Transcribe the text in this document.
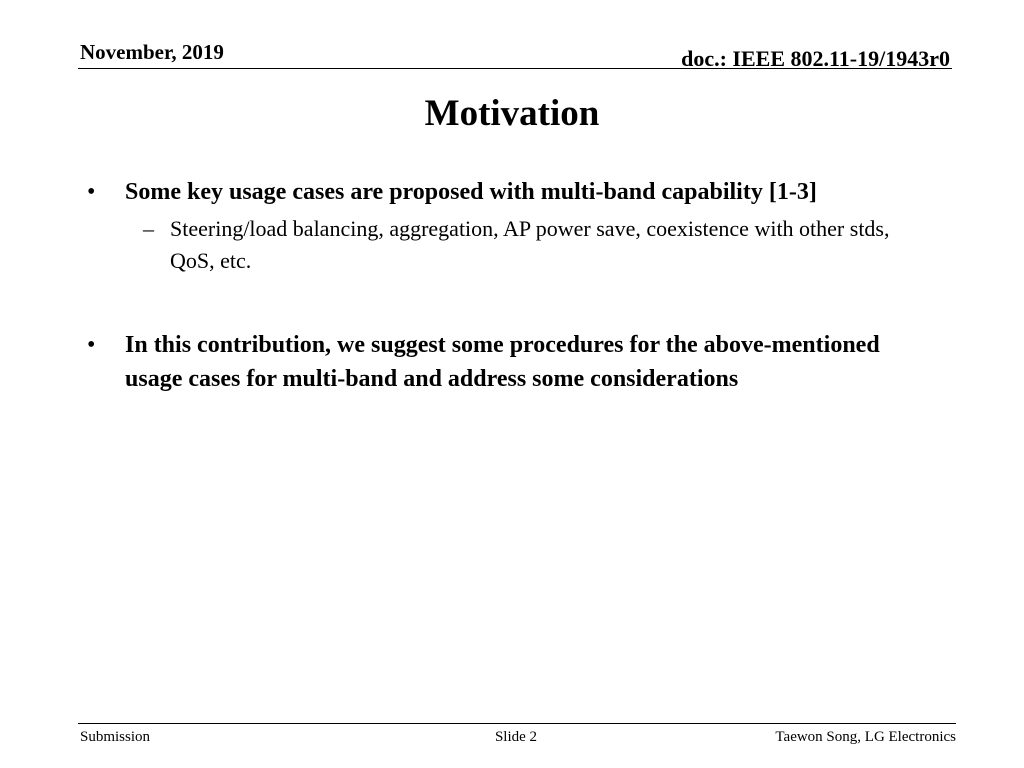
November, 2019	doc.: IEEE 802.11-19/1943r0
Motivation
• Some key usage cases are proposed with multi-band capability [1-3]
– Steering/load balancing, aggregation, AP power save, coexistence with other stds, QoS, etc.
• In this contribution, we suggest some procedures for the above-mentioned usage cases for multi-band and address some considerations
Submission	Slide 2	Taewon Song, LG Electronics
